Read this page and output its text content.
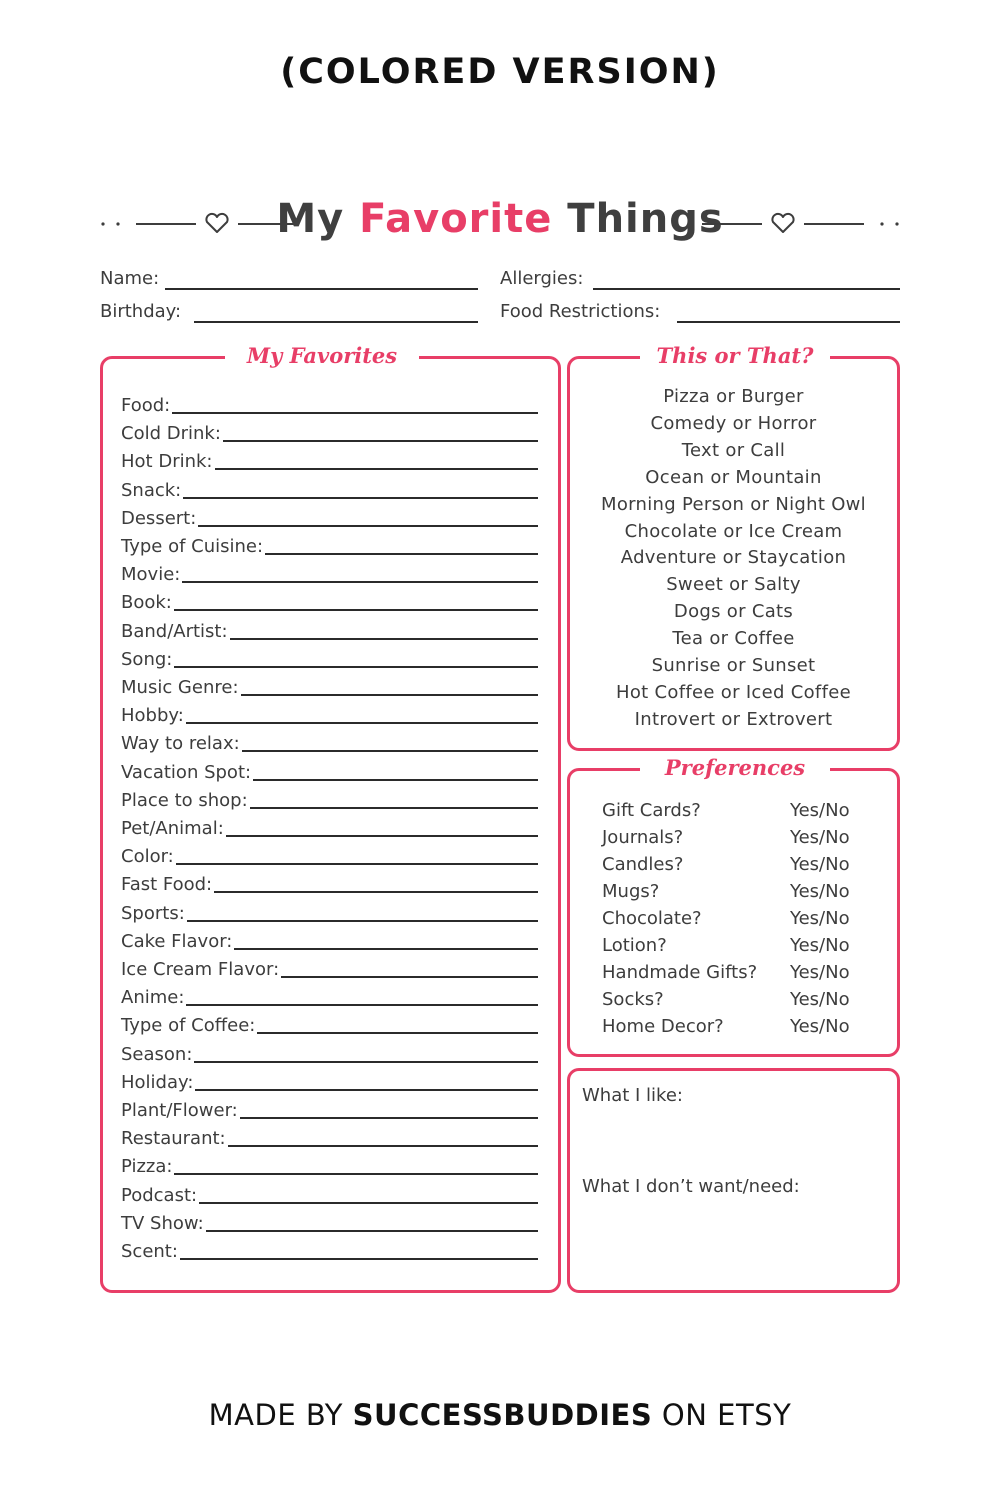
(COLORED VERSION)
My Favorite Things
Name:
Birthday:
Allergies:
Food Restrictions:
My Favorites
Food:
Cold Drink:
Hot Drink:
Snack:
Dessert:
Type of Cuisine:
Movie:
Book:
Band/Artist:
Song:
Music Genre:
Hobby:
Way to relax:
Vacation Spot:
Place to shop:
Pet/Animal:
Color:
Fast Food:
Sports:
Cake Flavor:
Ice Cream Flavor:
Anime:
Type of Coffee:
Season:
Holiday:
Plant/Flower:
Restaurant:
Pizza:
Podcast:
TV Show:
Scent:
This or That?
Pizza or Burger
Comedy or Horror
Text or Call
Ocean or Mountain
Morning Person or Night Owl
Chocolate or Ice Cream
Adventure or Staycation
Sweet or Salty
Dogs or Cats
Tea or Coffee
Sunrise or Sunset
Hot Coffee or Iced Coffee
Introvert or Extrovert
Preferences
Gift Cards?	Yes/No
Journals?	Yes/No
Candles?	Yes/No
Mugs?	Yes/No
Chocolate?	Yes/No
Lotion?	Yes/No
Handmade Gifts? Yes/No
Socks?	Yes/No
Home Decor?	Yes/No
What I like:
What I don’t want/need:
MADE BY SUCCESSBUDDIES ON ETSY
